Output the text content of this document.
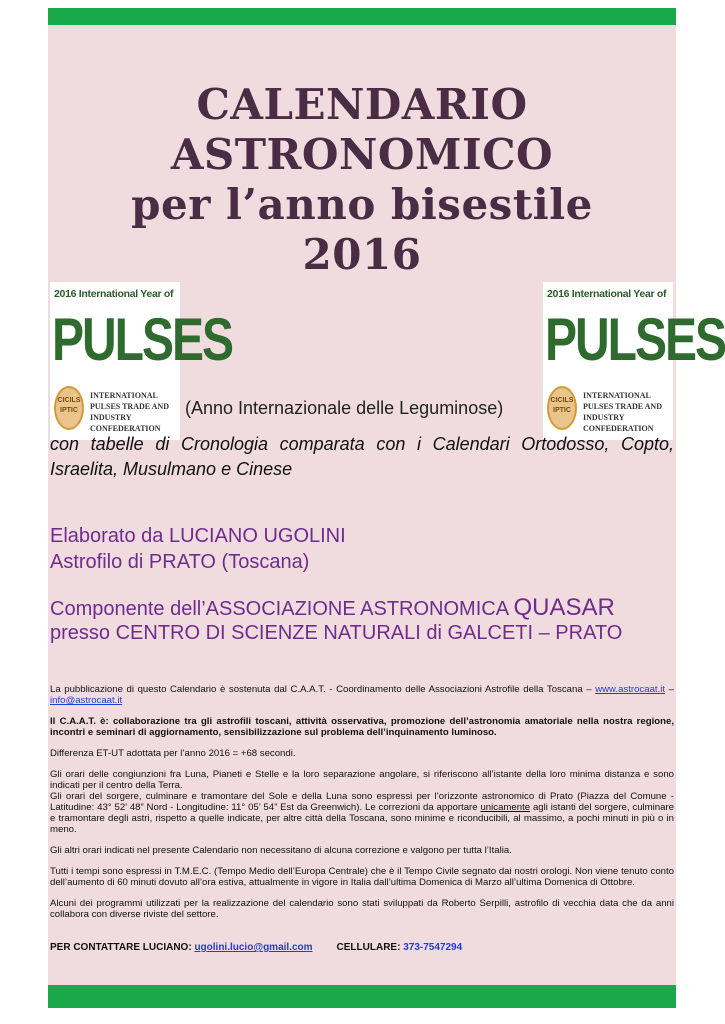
CALENDARIO
ASTRONOMICO
per l’anno bisestile
2016
2016 International Year of
PULSES
CICILS IPTIC
INTERNATIONAL PULSES TRADE AND INDUSTRY CONFEDERATION
2016 International Year of
PULSES
CICILS IPTIC
INTERNATIONAL PULSES TRADE AND INDUSTRY CONFEDERATION
(Anno Internazionale delle Leguminose)
con tabelle di Cronologia comparata con i Calendari Ortodosso, Copto, Israelita, Musulmano e Cinese
Elaborato da LUCIANO UGOLINI
Astrofilo di PRATO (Toscana)
Componente dell’ASSOCIAZIONE ASTRONOMICA QUASAR
presso CENTRO DI SCIENZE NATURALI di GALCETI – PRATO

La pubblicazione di questo Calendario è sostenuta dal C.A.A.T. - Coordinamento delle Associazioni Astrofile della Toscana – www.astrocaat.it – info@astrocaat.it

Il C.A.A.T. è: collaborazione tra gli astrofili toscani, attività osservativa, promozione dell’astronomia amatoriale nella nostra regione, incontri e seminari di aggiornamento, sensibilizzazione sul problema dell’inquinamento luminoso.

Differenza ET-UT adottata per l’anno 2016 = +68 secondi.

Gli orari delle congiunzioni fra Luna, Pianeti e Stelle e la loro separazione angolare, si riferiscono all’istante della loro minima distanza e sono indicati per il centro della Terra.
Gli orari del sorgere, culminare e tramontare del Sole e della Luna sono espressi per l’orizzonte astronomico di Prato (Piazza del Comune - Latitudine: 43° 52’ 48” Nord - Longitudine: 11° 05’ 54” Est da Greenwich). Le correzioni da apportare unicamente agli istanti del sorgere, culminare e tramontare degli astri, rispetto a quelle indicate, per altre città della Toscana, sono minime e riconducibili, al massimo, a pochi minuti in più o in meno.

Gli altri orari indicati nel presente Calendario non necessitano di alcuna correzione e valgono per tutta l’Italia.

Tutti i tempi sono espressi in T.M.E.C. (Tempo Medio dell’Europa Centrale) che è il Tempo Civile segnato dai nostri orologi. Non viene tenuto conto dell’aumento di 60 minuti dovuto all’ora estiva, attualmente in vigore in Italia dall’ultima Domenica di Marzo all’ultima Domenica di Ottobre.

Alcuni dei programmi utilizzati per la realizzazione del calendario sono stati sviluppati da Roberto Serpilli, astrofilo di vecchia data che da anni collabora con diverse riviste del settore.

PER CONTATTARE LUCIANO: ugolini.lucio@gmail.com CELLULARE: 373-7547294
